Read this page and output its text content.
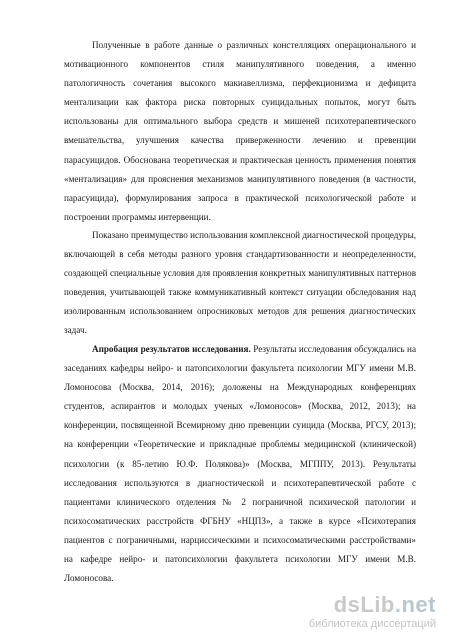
Полученные в работе данные о различных констелляциях операционального и мотивационного компонентов стиля манипулятивного поведения, а именно патологичность сочетания высокого макиавеллизма, перфекционизма и дефицита ментализации как фактора риска повторных суицидальных попыток, могут быть использованы для оптимального выбора средств и мишеней психотерапевтического вмешательства, улучшения качества приверженности лечению и превенции парасуицидов. Обоснована теоретическая и практическая ценность применения понятия «ментализация» для прояснения механизмов манипулятивного поведения (в частности, парасуицида), формулирования запроса в практической психологической работе и построении программы интервенции.

Показано преимущество использования комплексной диагностической процедуры, включающей в себя методы разного уровня стандартизованности и неопределенности, создающей специальные условия для проявления конкретных манипулятивных паттернов поведения, учитывающей также коммуникативный контекст ситуации обследования над изолированным использованием опросниковых методов для решения диагностических задач.

Апробация результатов исследования. Результаты исследования обсуждались на заседаниях кафедры нейро- и патопсихологии факультета психологии МГУ имени М.В. Ломоносова (Москва, 2014, 2016); доложены на Международных конференциях студентов, аспирантов и молодых ученых «Ломоносов» (Москва, 2012, 2013); на конференции, посвященной Всемирному дню превенции суицида (Москва, РГСУ, 2013); на конференции «Теоретические и прикладные проблемы медицинской (клинической) психологии (к 85-летию Ю.Ф. Полякова)» (Москва, МГППУ, 2013). Результаты исследования используются в диагностической и психотерапевтической работе с пациентами клинического отделения № 2 пограничной психической патологии и психосоматических расстройств ФГБНУ «НЦПЗ», а также в курсе «Психотерапия пациентов с пограничными, нарциссическими и психосоматическими расстройствами» на кафедре нейро- и патопсихологии факультета психологии МГУ имени М.В. Ломоносова.

dsLib.net
библиотека диссертаций
